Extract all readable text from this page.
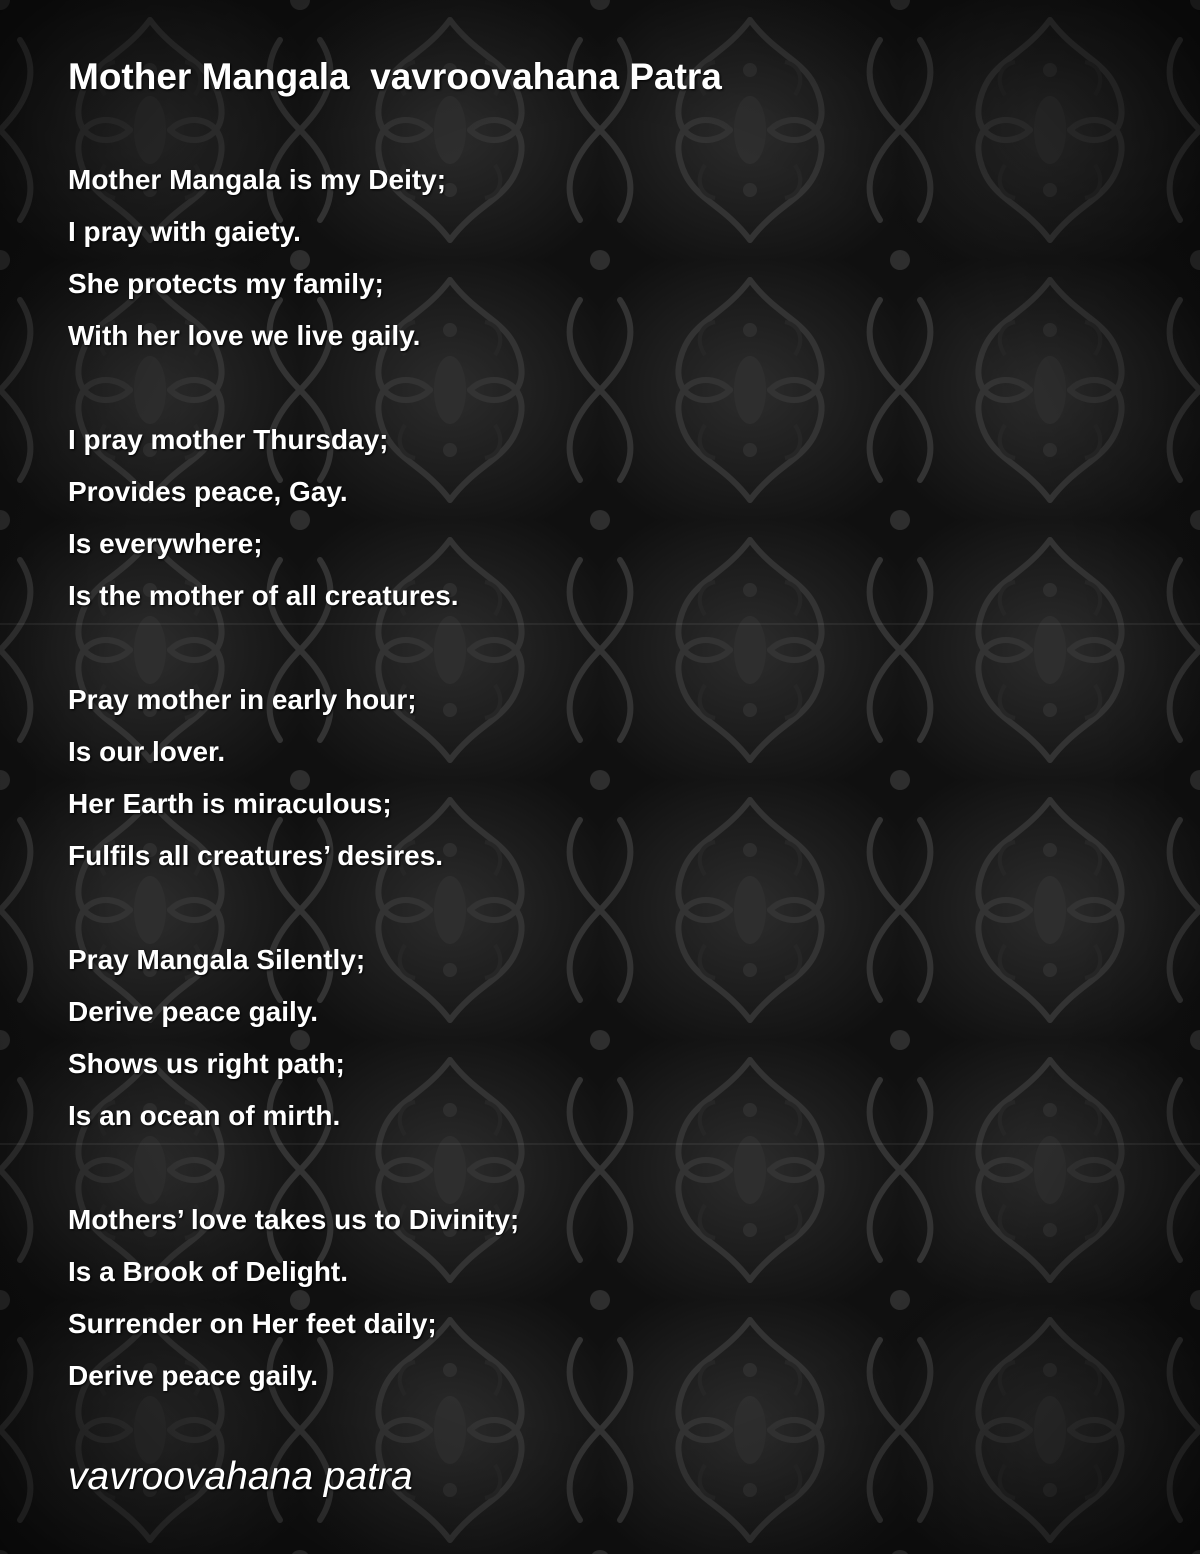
Mother Mangala  vavroovahana Patra
Mother Mangala is my Deity;
I pray with gaiety.
She protects my family;
With her love we live gaily.
I pray mother Thursday;
Provides peace, Gay.
Is everywhere;
Is the mother of all creatures.
Pray mother in early hour;
Is our lover.
Her Earth is miraculous;
Fulfils all creatures’ desires.
Pray Mangala Silently;
Derive peace gaily.
Shows us right path;
Is an ocean of mirth.
Mothers’ love takes us to Divinity;
Is a Brook of Delight.
Surrender on Her feet daily;
Derive peace gaily.
vavroovahana patra
